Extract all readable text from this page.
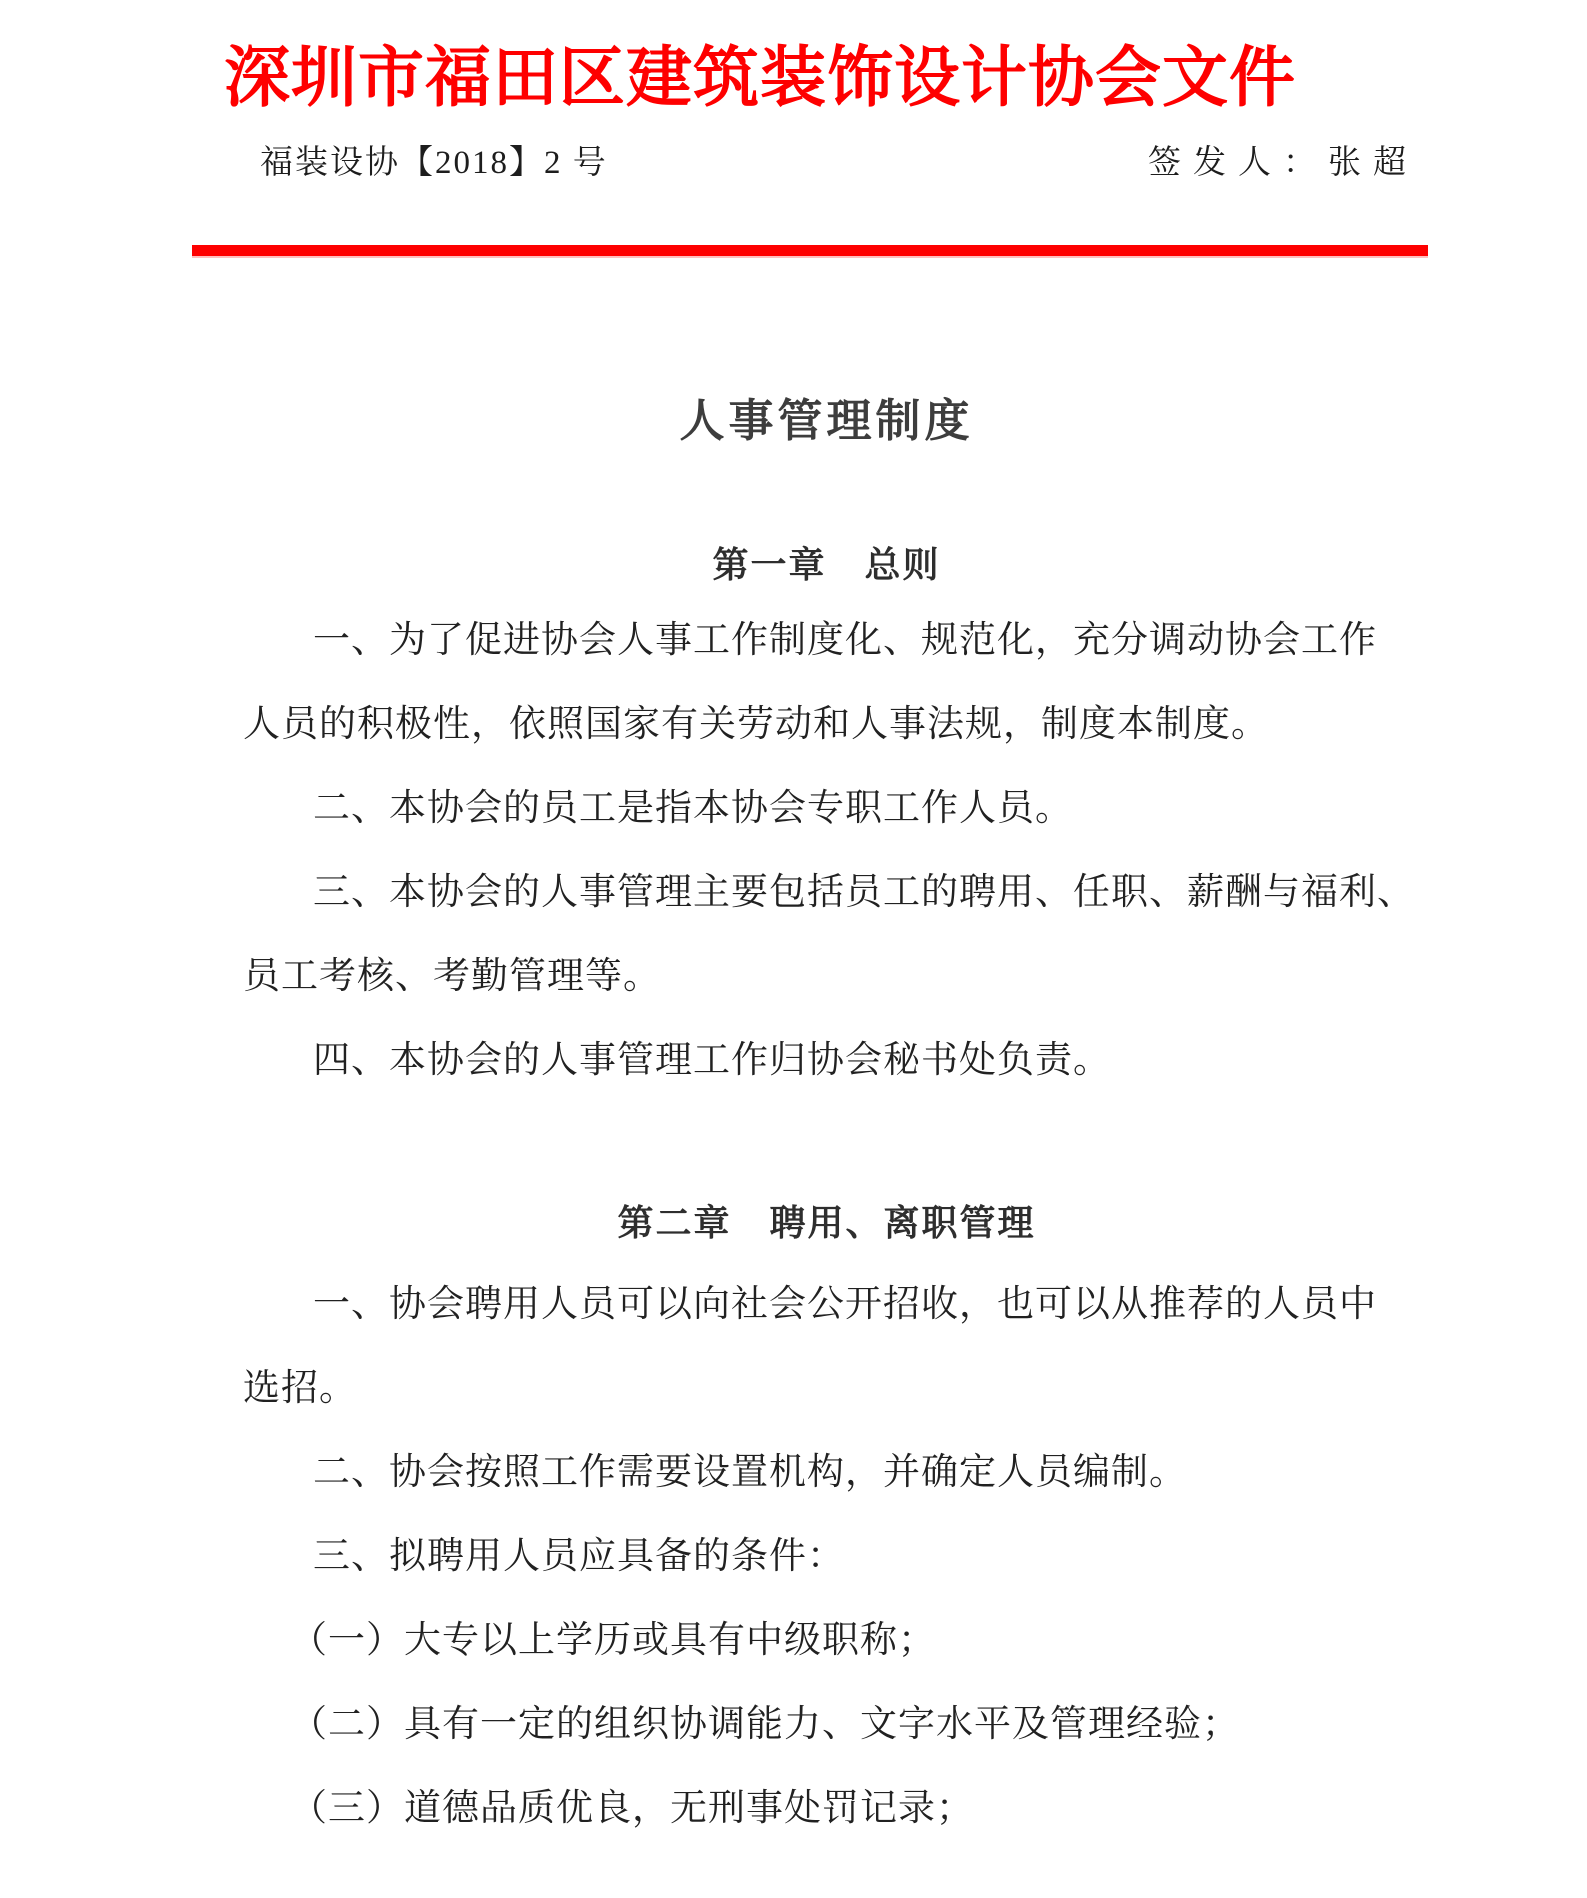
深圳市福田区建筑装饰设计协会文件
福装设协【2018】2 号	签发人：张超
人事管理制度
第一章　总则
一、为了促进协会人事工作制度化、规范化，充分调动协会工作
人员的积极性，依照国家有关劳动和人事法规，制度本制度。
二、本协会的员工是指本协会专职工作人员。
三、本协会的人事管理主要包括员工的聘用、任职、薪酬与福利、
员工考核、考勤管理等。
四、本协会的人事管理工作归协会秘书处负责。
第二章　聘用、离职管理
一、协会聘用人员可以向社会公开招收，也可以从推荐的人员中
选招。
二、协会按照工作需要设置机构，并确定人员编制。
三、拟聘用人员应具备的条件：
（一）大专以上学历或具有中级职称；
（二）具有一定的组织协调能力、文字水平及管理经验；
（三）道德品质优良，无刑事处罚记录；
